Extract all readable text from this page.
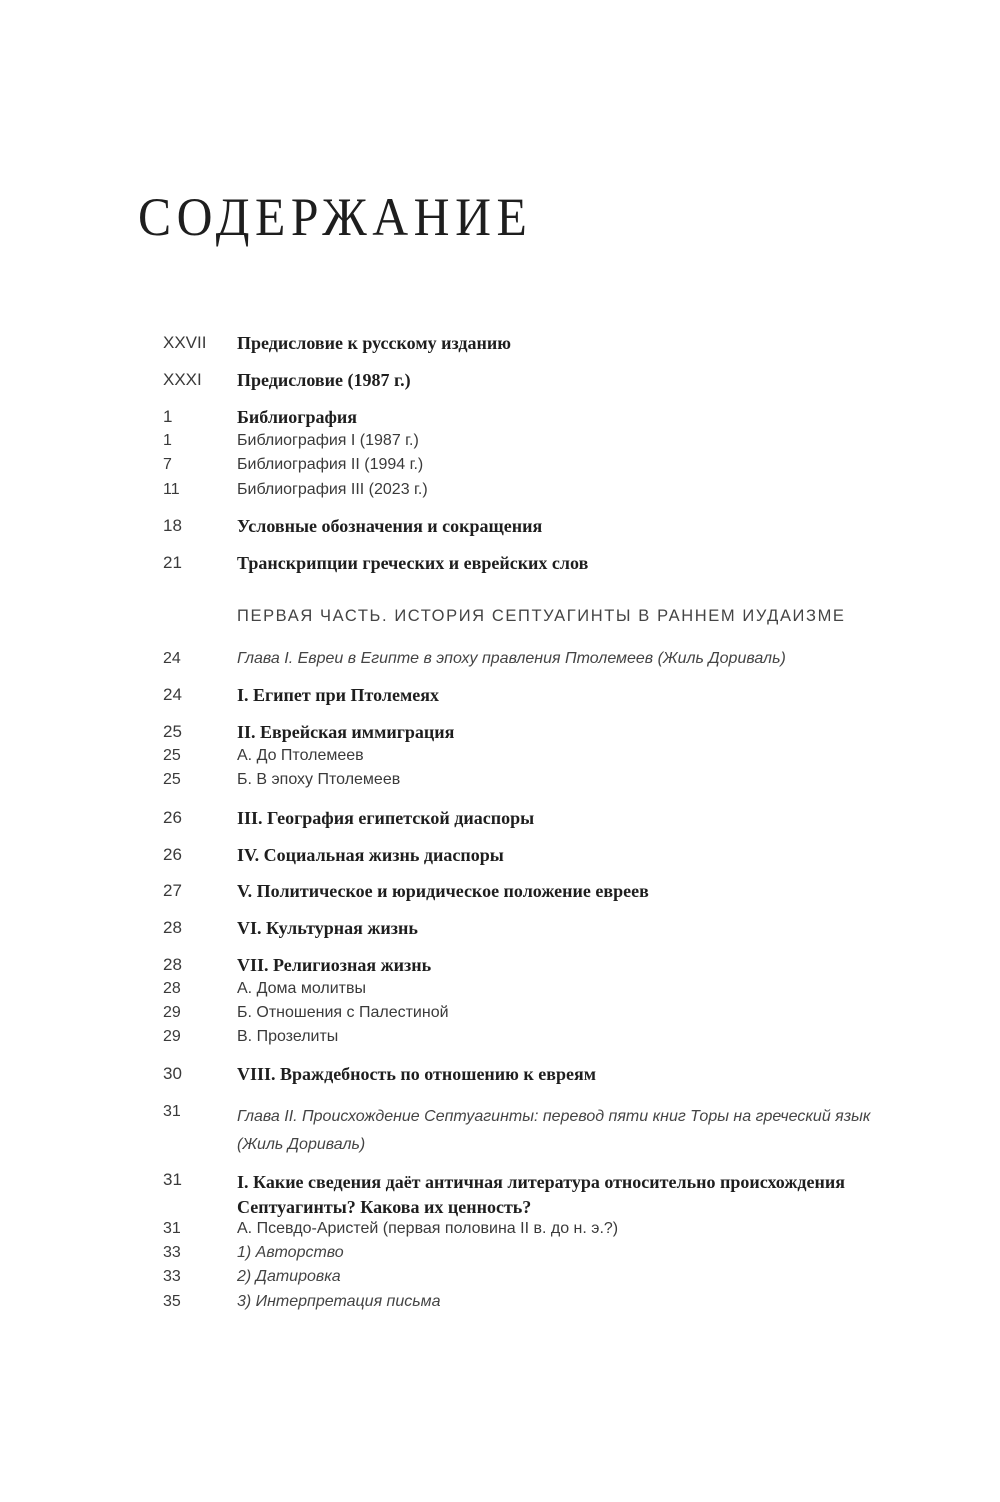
СОДЕРЖАНИЕ
XXVII Предисловие к русскому изданию
XXXI Предисловие (1987 г.)
1	Библиография
1	Библиография I (1987 г.)
7	Библиография II (1994 г.)
11	Библиография III (2023 г.)
18	Условные обозначения и сокращения
21	Транскрипции греческих и еврейских слов
ПЕРВАЯ ЧАСТЬ. ИСТОРИЯ СЕПТУАГИНТЫ В РАННЕМ ИУДАИЗМЕ
24	Глава I. Евреи в Египте в эпоху правления Птолемеев (Жиль Дориваль)
24	I. Египет при Птолемеях
25	II. Еврейская иммиграция
25	А. До Птолемеев
25	Б. В эпоху Птолемеев
26	III. География египетской диаспоры
26	IV. Социальная жизнь диаспоры
27	V. Политическое и юридическое положение евреев
28	VI. Культурная жизнь
28	VII. Религиозная жизнь
28	А. Дома молитвы
29	Б. Отношения с Палестиной
29	В. Прозелиты
30	VIII. Враждебность по отношению к евреям
31	Глава II. Происхождение Септуагинты: перевод пяти книг Торы на греческий язык (Жиль Дориваль)
31	I. Какие сведения даёт античная литература относительно происхождения Септуагинты? Какова их ценность?
31	А. Псевдо-Аристей (первая половина II в. до н. э.?)
33	1) Авторство
33	2) Датировка
35	3) Интерпретация письма
